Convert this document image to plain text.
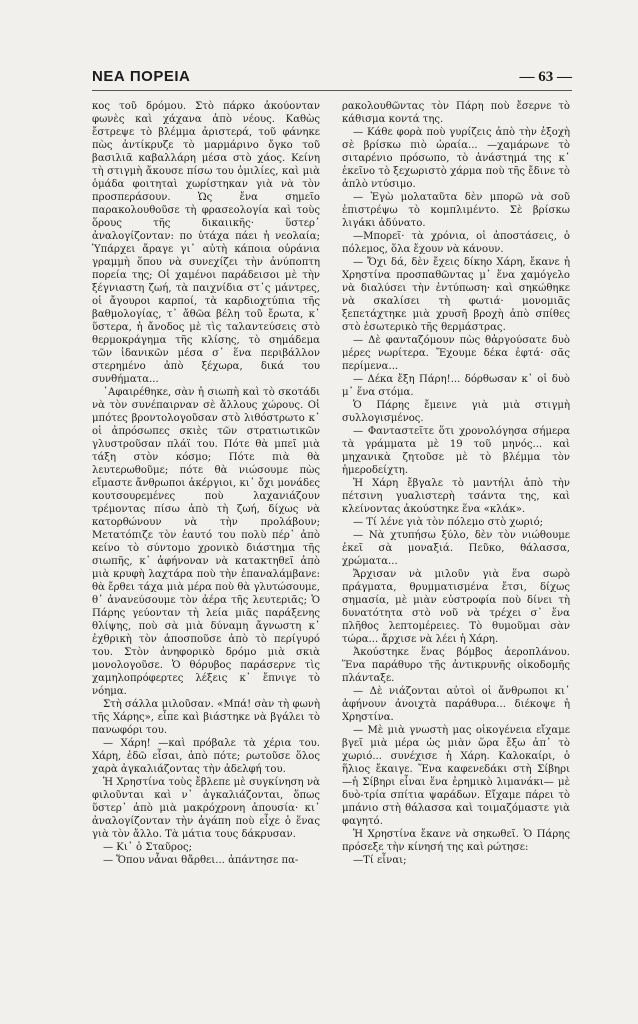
ΝΕΑ ΠΟΡΕΙΑ	— 63 —

κος τοῦ δρόμου. Στὸ πάρκο ἀκούονταν φωνὲς καὶ χάχανα ἀπὸ νέους. Καθὼς ἔστρεψε τὸ βλέμμα ἀριστερά, τοῦ φάνηκε πὼς ἀντίκρυζε τὸ μαρμάρινο ὄγκο τοῦ βασιλιᾶ καβαλλάρη μέσα στὸ χάος. Κείνη τὴ στιγμὴ ἄκουσε πίσω του ὁμιλίες, καὶ μιὰ ὁμάδα φοιτηταὶ χωρίστηκαν γιὰ νὰ τὸν προσπεράσουν. Ὡς ἔνα σημεῖο παρακολουθοῦσε τὴ φρασεολογία καὶ τοὺς ὅρους τῆς δικαιικῆς· ὕστερ᾽ ἀναλογίζονταν: πο ὑτάχα πάει ἡ νεολαία; Ὑπάρχει ἄραγε γι᾽ αὐτὴ κάποια οὐράνια γραμμὴ ὅπου νὰ συνεχίζει τὴν ἀνύποπτη πορεία της; Οἱ χαμένοι παράδεισοι μὲ τὴν ξέγνιαστη ζωή, τὰ παιχνίδια στ᾽ς μάντρες, οἱ ἄγουροι καρποί, τὰ καρδιοχτύπια τῆς βαθμολογίας, τ᾽ ἄθῶα βέλη τοῦ ἔρωτα, κ᾽ ὕστερα, ἡ ἄνοδος μὲ τὶς ταλαντεύσεις στὸ θερμοκράγημα τῆς κλίσης, τὸ σημάδεμα τῶν ἰδανικῶν μέσα σ᾽ ἕνα περιβάλλον στερημένο ἀπὸ ξέχωρα, δικά του συνθήματα...

᾽Αφαιρέθηκε, σὰν ἡ σιωπὴ καὶ τὸ σκοτάδι νὰ τὸν συνέπαιρναν σὲ ἄλλους χώρους. Οἱ μπότες βροντολογοῦσαν στὸ λιθόστρωτο κ᾽ οἱ ἀπρόσωπες σκιὲς τῶν στρατιωτικῶν γλυστροῦσαν πλάϊ του. Πότε θὰ μπεῖ μιὰ τάξη στὸν κόσμο; Πότε πιὰ θὰ λευτερωθοῦμε; πότε θὰ νιώσουμε πὼς εἴμαστε ἄνθρωποι ἀκέργιοι, κι᾽ ὄχι μονάδες κουτσουρεμένες ποὺ λαχανιάζουν τρέμοντας πίσω ἀπὸ τὴ ζωή, δίχως νὰ κατορθώνουν νὰ τὴν προλάβουν; Μετατόπιζε τὸν ἑαυτό του πολὺ πέρ᾽ ἀπὸ κείνο τὸ σύντομο χρονικὸ διάστημα τῆς σιωπῆς, κ᾽ ἀφήνοναν νὰ κατακτηθεῖ ἀπὸ μιὰ κρυφὴ λαχτάρα ποὺ τὴν ἐπαναλάμβανε: θὰ ἔρθει τάχα μιὰ μέρα ποὺ θὰ γλυτώσουμε, θ᾽ ἀνανεύσουμε τὸν ἀέρα τῆς λευτεριᾶς; Ὁ Πάρης γεύονταν τὴ λεία μιᾶς παράξενης θλίψης, ποὺ σὰ μιὰ δύναμη ἄγνωστη κ᾽ ἐχθρικὴ τὸν ἀποσποῦσε ἀπὸ τὸ περίγυρό του. Στὸν ἀνηφορικὸ δρόμο μιὰ σκιὰ μονολογοῦσε. Ὁ θόρυβος παράσερνε τὶς χαμηλοπρόφερτες λέξεις κ᾽ ἔπνιγε τὸ νόημα.

Στὴ σάλλα μιλοῦσαν. «Μπά! σὰν τὴ φωνὴ τῆς Χάρης», εἶπε καὶ βιάστηκε νὰ βγάλει τὸ πανωφόρι του.

— Χάρη! —καὶ πρόβαλε τὰ χέρια του. Χάρη, ἐδῶ εἶσαι, ἀπὸ πότε; ρωτοῦσε ὅλος χαρὰ ἀγκαλιάζοντας τὴν ἀδελφή του.

Ἡ Χρηστίνα τοὺς ἔβλεπε μὲ συγκίνηση νὰ φιλοῦνται καὶ ν᾽ ἀγκαλιάζονται, ὅπως ὕστερ᾽ ἀπὸ μιὰ μακρόχρονη ἀπουσία· κι᾽ ἀναλογίζονταν τὴν ἀγάπη ποὺ εἶχε ὁ ἕνας γιὰ τὸν ἄλλο. Τὰ μάτια τους δάκρυσαν.

— Κι᾽ ὁ Σταῦρος;

— Ὅπου νἆναι θἄρθει... ἀπάντησε πα-

ρακολουθῶντας τὸν Πάρη ποὺ ἔσερνε τὸ κάθισμα κοντά της.

— Κάθε φορὰ ποὺ γυρίζεις ἀπὸ τὴν ἐξοχὴ σὲ βρίσκω πιὸ ὡραία... —χαμάρωνε τὸ σιταρένιο πρόσωπο, τὸ ἀνάστημά της κ᾽ ἐκεῖνο τὸ ξεχωριστὸ χάρμα ποὺ τῆς ἔδινε τὸ ἀπλὸ ντύσιμο.

— Ἐγὼ μολαταῦτα δὲν μπορῶ νὰ σοῦ ἐπιστρέψω τὸ κομπλιμέντο. Σὲ βρίσκω λιγάκι ἀδύνατο.

—Μπορεῖ· τὰ χρόνια, οἱ ἀποστάσεις, ὁ πόλεμος, ὅλα ἔχουν νὰ κάνουν.

— Ὄχι δά, δὲν ἔχεις δίκηο Χάρη, ἔκανε ἡ Χρηστίνα προσπαθῶντας μ᾽ ἕνα χαμόγελο νὰ διαλύσει τὴν ἐντύπωση· καὶ σηκώθηκε νὰ σκαλίσει τὴ φωτιά· μονομιᾶς ξεπετάχτηκε μιὰ χρυσῆ βροχὴ ἀπὸ σπίθες στὸ ἐσωτερικὸ τῆς θερμάστρας.

— Δὲ φανταζόμουν πὼς θἀργούσατε δυὸ μέρες νωρίτερα. Ἔχουμε δέκα ἐφτά· σᾶς περίμενα...

— Δέκα ἔξη Πάρη!... δόρθωσαν κ᾽ οἱ δυὸ μ᾽ ἕνα στόμα.

Ὁ Πάρης ἔμεινε γιὰ μιὰ στιγμὴ συλλογισμένος.

— Φανταστεῖτε ὅτι χρονολόγησα σήμερα τὰ γράμματα μὲ 19 τοῦ μηνός... καὶ μηχανικὰ ζητοῦσε μὲ τὸ βλέμμα τὸν ἡμεροδείχτη.

Ἡ Χάρη ἔβγαλε τὸ μαντήλι ἀπὸ τὴν πέτσινη γυαλιστερὴ τσάντα της, καὶ κλείνοντας ἀκούστηκε ἕνα «κλάκ».

— Τί λένε γιὰ τὸν πόλεμο στὸ χωριό;

— Νὰ χτυπήσω ξύλο, δὲν τὸν νιώθουμε ἐκεῖ σὰ μοναξιά. Πεῦκο, θάλασσα, χρώματα...

Ἄρχισαν νὰ μιλοῦν γιὰ ἕνα σωρὸ πράγματα, θρυμματισμένα ἔτσι, δίχως σημασία, μὲ μιὰν εὐστροφία ποὺ δίνει τὴ δυνατότητα στὸ νοῦ νὰ τρέχει σ᾽ ἕνα πλῆθος λεπτομέρειες. Τὸ θυμοῦμαι σὰν τώρα... ἄρχισε νὰ λέει ἡ Χάρη.

Ἀκούστηκε ἕνας βόμβος ἀεροπλάνου. Ἕνα παράθυρο τῆς ἀντικρυνῆς οἰκοδομῆς πλάνταξε.

— Δὲ νιάζονται αὐτοὶ οἱ ἄνθρωποι κι᾽ ἀφήνουν ἀνοιχτὰ παράθυρα... διέκοψε ἡ Χρηστίνα.

— Μὲ μιὰ γνωστὴ μας οἰκογένεια εἴχαμε βγεῖ μιὰ μέρα ὡς μιὰν ὥρα ἔξω ἀπ᾽ τὸ χωριό... συνέχισε ἡ Χάρη. Καλοκαίρι, ὁ ἥλιος ἔκαιγε. Ἕνα καφενεδάκι στὴ Σίβηρι —ἡ Σίβηρι εἶναι ἕνα ἐρημικὸ λιμανάκι— μὲ δυὸ-τρία σπίτια ψαράδων. Εἴχαμε πάρει τὸ μπάνιο στὴ θάλασσα καὶ τοιμαζόμαστε γιὰ φαγητό.

Ἡ Χρηστίνα ἔκανε νὰ σηκωθεῖ. Ὁ Πάρης πρόσεξε τὴν κίνησή της καὶ ρώτησε:

—Τί εἶναι;
